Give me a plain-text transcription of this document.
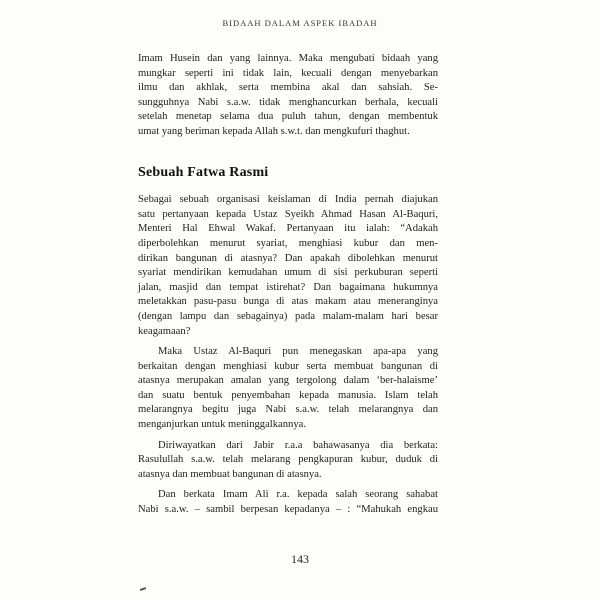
BIDAAH DALAM ASPEK IBADAH

Imam Husein dan yang lainnya. Maka mengubati bidaah yang
mungkar seperti ini tidak lain, kecuali dengan menyebarkan
ilmu dan akhlak, serta membina akal dan sahsiah. Se-
sungguhnya Nabi s.a.w. tidak menghancurkan berhala, kecuali
setelah menetap selama dua puluh tahun, dengan membentuk
umat yang beriman kepada Allah s.w.t. dan mengkufuri thaghut.

Sebuah Fatwa Rasmi

Sebagai sebuah organisasi keislaman di India pernah diajukan
satu pertanyaan kepada Ustaz Syeikh Ahmad Hasan Al-Baquri,
Menteri Hal Ehwal Wakaf. Pertanyaan itu ialah: “Adakah
diperbolehkan menurut syariat, menghiasi kubur dan men-
dirikan bangunan di atasnya? Dan apakah dibolehkan menurut
syariat mendirikan kemudahan umum di sisi perkuburan seperti
jalan, masjid dan tempat istirehat? Dan bagaimana hukumnya
meletakkan pasu-pasu bunga di atas makam atau meneranginya
(dengan lampu dan sebagainya) pada malam-malam hari besar
keagamaan?

Maka Ustaz Al-Baquri pun menegaskan apa-apa yang
berkaitan dengan menghiasi kubur serta membuat bangunan di
atasnya merupakan amalan yang tergolong dalam ‘ber-halaisme’
dan suatu bentuk penyembahan kepada manusia. Islam telah
melarangnya begitu juga Nabi s.a.w. telah melarangnya dan
menganjurkan untuk meninggalkannya.

Diriwayatkan dari Jabir r.a.a bahawasanya dia berkata:
Rasulullah s.a.w. telah melarang pengkapuran kubur, duduk di
atasnya dan membuat bangunan di atasnya.

Dan berkata Imam Ali r.a. kepada salah seorang sahabat
Nabi s.a.w. – sambil berpesan kepadanya – : “Mahukah engkau

143
